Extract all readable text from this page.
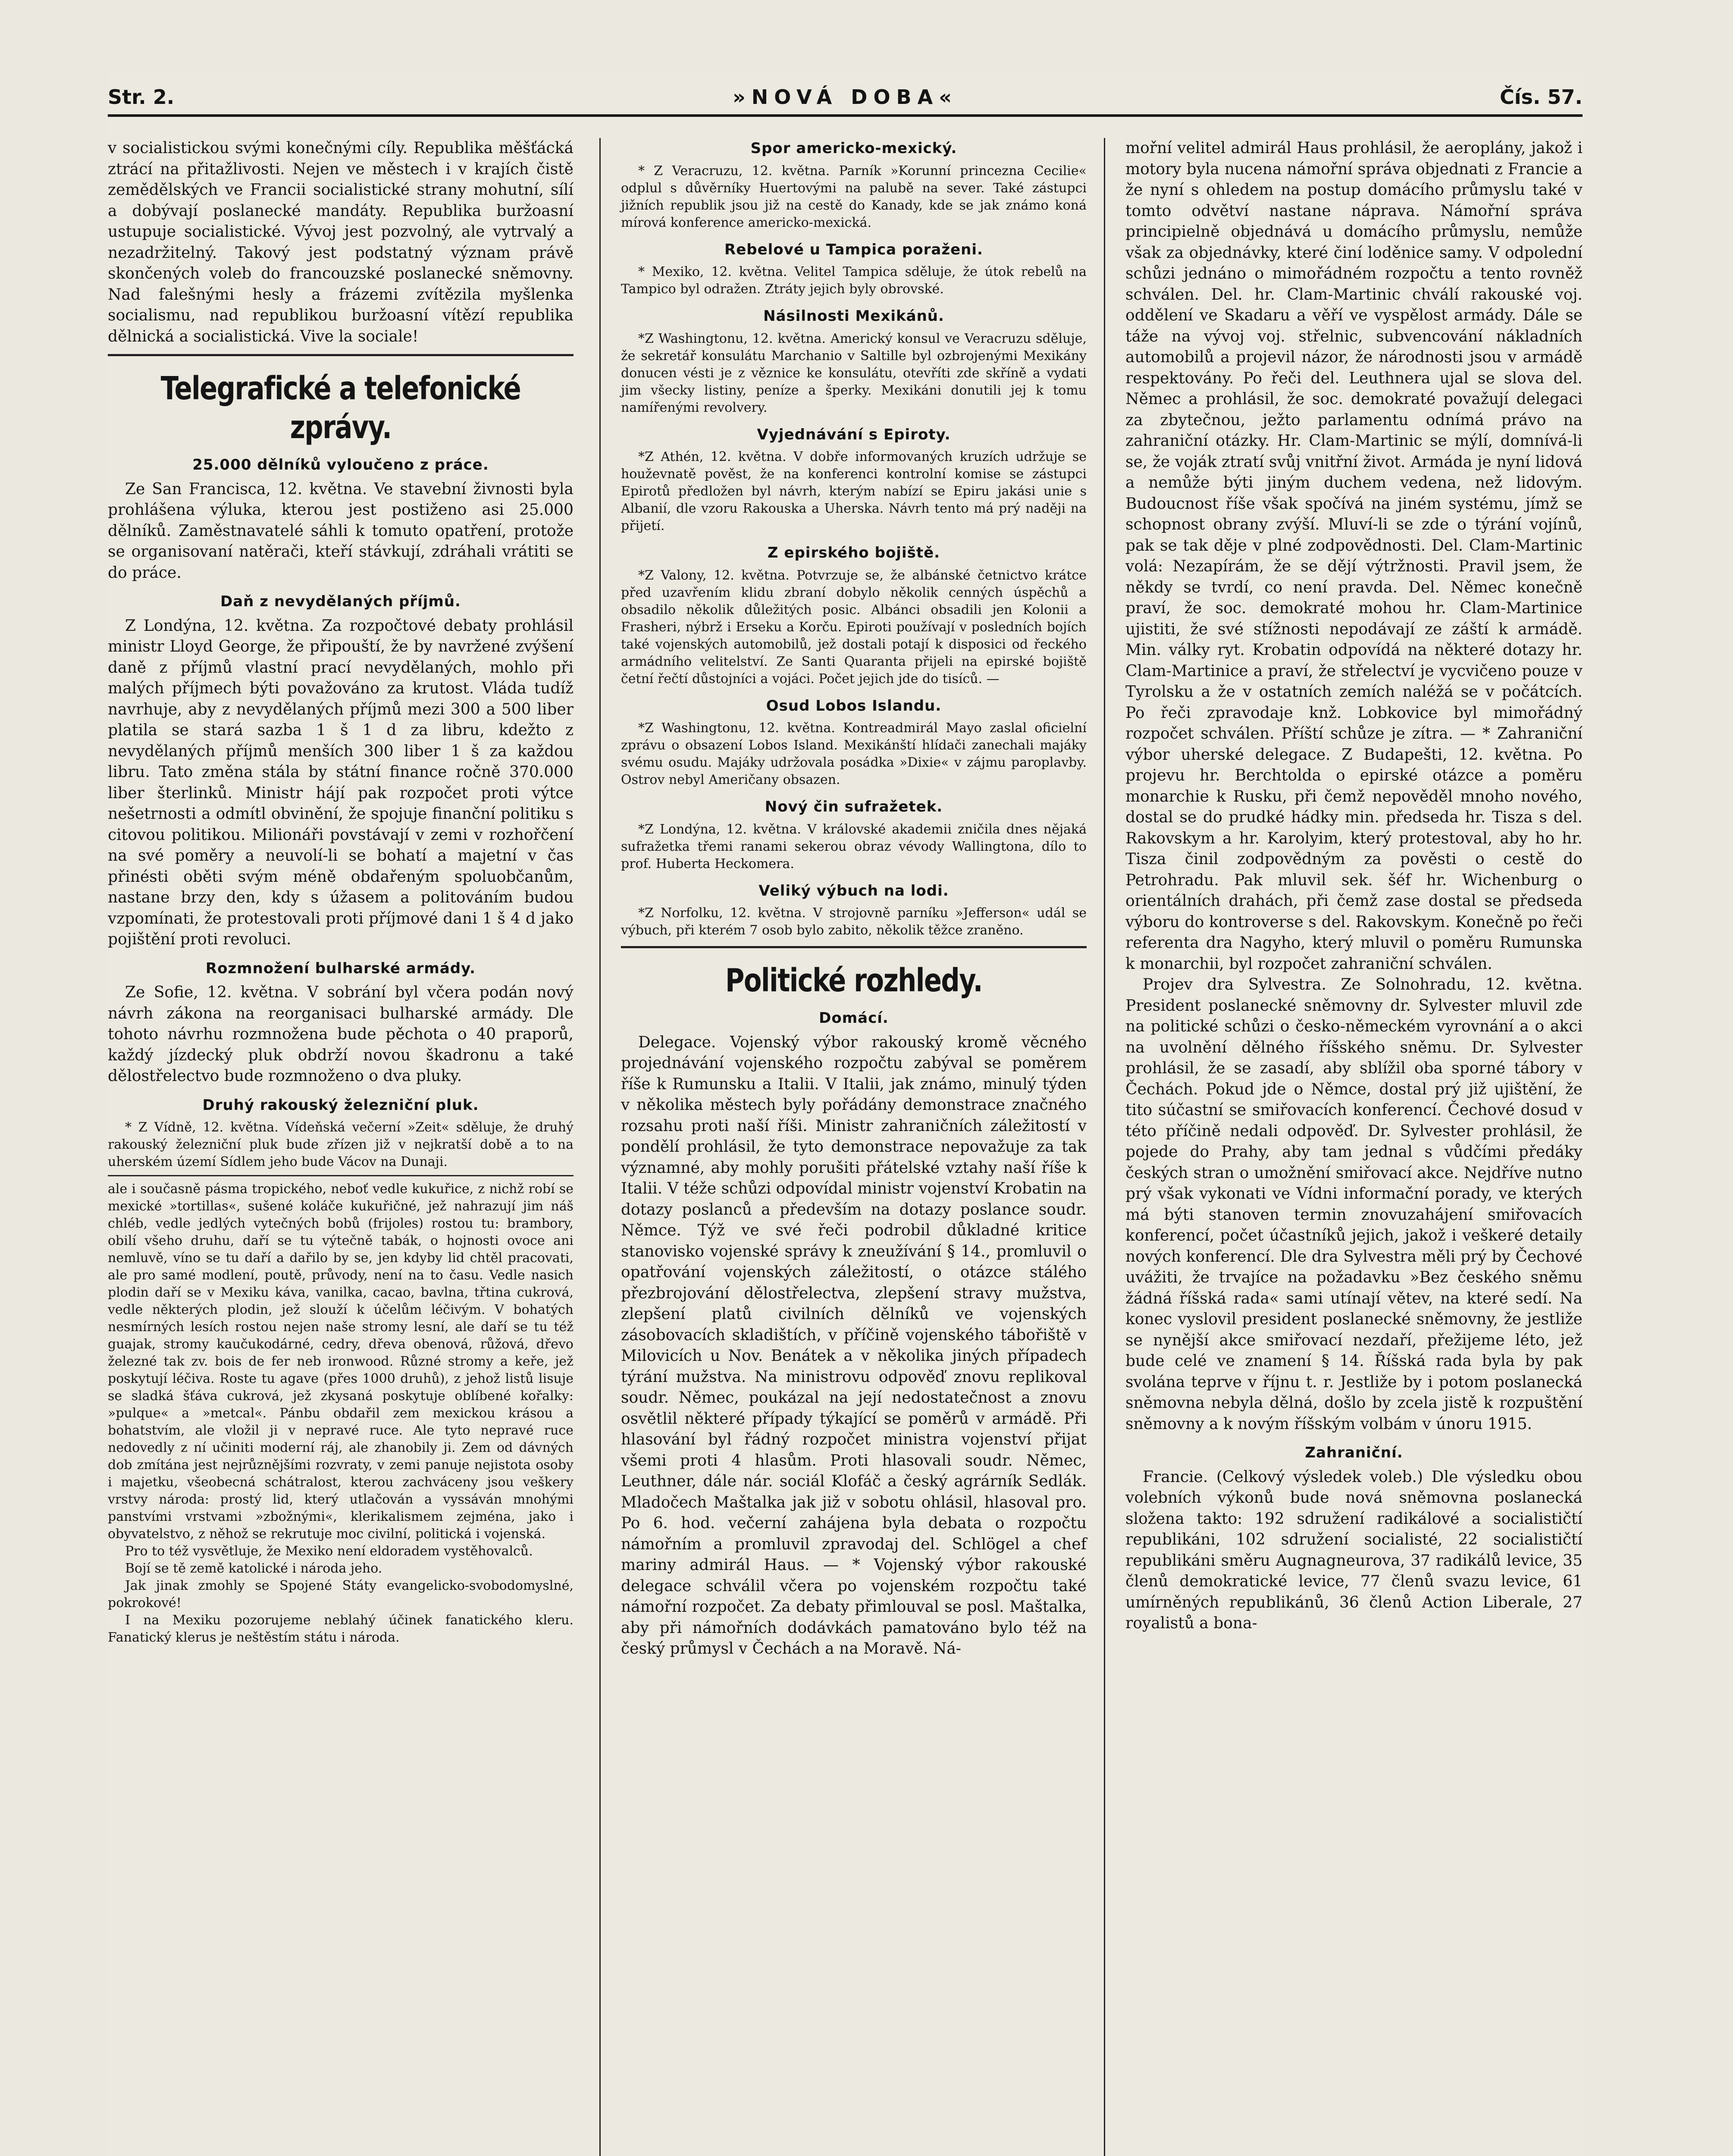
Str. 2.	»NOVÁ DOBA«	Čís. 57.

v socialistickou svými konečnými cíly. Republika měšťácká ztrácí na přitažlivosti. Nejen ve městech i v krajích čistě zemědělských ve Francii socialistické strany mohutní, sílí a dobývají poslanecké mandáty. Republika buržoasní ustupuje socialistické. Vývoj jest pozvolný, ale vytrvalý a nezadržitelný. Takový jest podstatný význam právě skončených voleb do francouzské poslanecké sněmovny. Nad falešnými hesly a frázemi zvítězila myšlenka socialismu, nad republikou buržoasní vítězí republika dělnická a socialistická. Vive la sociale!

Telegrafické a telefonické zprávy.
25.000 dělníků vyloučeno z práce.

Ze San Francisca, 12. května. Ve stavební živnosti byla prohlášena výluka, kterou jest postiženo asi 25.000 dělníků. Zaměstnavatelé sáhli k tomuto opatření, protože se organisovaní natěrači, kteří stávkují, zdráhali vrátiti se do práce.

Daň z nevydělaných příjmů.

Z Londýna, 12. května. Za rozpočtové debaty prohlásil ministr Lloyd George, že připouští, že by navržené zvýšení daně z příjmů vlastní prací nevydělaných, mohlo při malých příjmech býti považováno za krutost. Vláda tudíž navrhuje, aby z nevydělaných příjmů mezi 300 a 500 liber platila se stará sazba 1 š 1 d za libru, kdežto z nevydělaných příjmů menších 300 liber 1 š za každou libru. Tato změna stála by státní finance ročně 370.000 liber šterlinků. Ministr hájí pak rozpočet proti výtce nešetrnosti a odmítl obvinění, že spojuje finanční politiku s citovou politikou. Milionáři povstávají v zemi v rozhořčení na své poměry a neuvolí-li se bohatí a majetní v čas přinésti oběti svým méně obdařeným spoluobčanům, nastane brzy den, kdy s úžasem a politováním budou vzpomínati, že protestovali proti příjmové dani 1 š 4 d jako pojištění proti revoluci.

Rozmnožení bulharské armády.

Ze Sofie, 12. května. V sobrání byl včera podán nový návrh zákona na reorganisaci bulharské armády. Dle tohoto návrhu rozmnožena bude pěchota o 40 praporů, každý jízdecký pluk obdrží novou škadronu a také dělostřelectvo bude rozmnoženo o dva pluky.

Druhý rakouský železniční pluk.

* Z Vídně, 12. května. Vídeňská večerní »Zeit« sděluje, že druhý rakouský železniční pluk bude zřízen již v nejkratší době a to na uherském území Sídlem jeho bude Vácov na Dunaji.

ale i současně pásma tropického, neboť vedle kukuřice, z nichž robí se mexické »tortillas«, sušené koláče kukuřičné, jež nahrazují jim náš chléb, vedle jedlých vytečných bobů (frijoles) rostou tu: brambory, obilí všeho druhu, daří se tu výtečně tabák, o hojnosti ovoce ani nemluvě, víno se tu daří a dařilo by se, jen kdyby lid chtěl pracovati, ale pro samé modlení, poutě, průvody, není na to času. Vedle nasich plodin daří se v Mexiku káva, vanilka, cacao, bavlna, třtina cukrová, vedle některých plodin, jež slouží k účelům léčivým. V bohatých nesmírných lesích rostou nejen naše stromy lesní, ale daří se tu též guajak, stromy kaučukodárné, cedry, dřeva obenová, růžová, dřevo železné tak zv. bois de fer neb ironwood. Různé stromy a keře, jež poskytují léčiva. Roste tu agave (přes 1000 druhů), z jehož listů lisuje se sladká šťáva cukrová, jež zkysaná poskytuje oblíbené kořalky: »pulque« a »metcal«. Pánbu obdařil zem mexickou krásou a bohatstvím, ale vložil ji v nepravé ruce. Ale tyto nepravé ruce nedovedly z ní učiniti moderní ráj, ale zhanobily ji. Zem od dávných dob zmítána jest nejrůznějšími rozvraty, v zemi panuje nejistota osoby i majetku, všeobecná schátralost, kterou zachváceny jsou veškery vrstvy národa: prostý lid, který utlačován a vyssáván mnohými panstvími vrstvami »zbožnými«, klerikalismem zejména, jako i obyvatelstvo, z něhož se rekrutuje moc civilní, politická i vojenská.

Pro to též vysvětluje, že Mexiko není eldoradem vystěhovalců.

Bojí se tě země katolické i národa jeho.

Jak jinak zmohly se Spojené Státy evangelicko-svobodomyslné, pokrokové!

I na Mexiku pozorujeme neblahý účinek fanatického kleru. Fanatický klerus je neštěstím státu i národa.

Spor americko-mexický.

* Z Veracruzu, 12. května. Parník »Korunní princezna Cecilie« odplul s důvěrníky Huertovými na palubě na sever. Také zástupci jižních republik jsou již na cestě do Kanady, kde se jak známo koná mírová konference americko-mexická.

Rebelové u Tampica poraženi.

* Mexiko, 12. května. Velitel Tampica sděluje, že útok rebelů na Tampico byl odražen. Ztráty jejich byly obrovské.

Násilnosti Mexikánů.

*Z Washingtonu, 12. května. Americký konsul ve Veracruzu sděluje, že sekretář konsulátu Marchanio v Saltille byl ozbrojenými Mexikány donucen vésti je z věznice ke konsulátu, otevříti zde skříně a vydati jim všecky listiny, peníze a šperky. Mexikáni donutili jej k tomu namířenými revolvery.

Vyjednávání s Epiroty.

*Z Athén, 12. května. V dobře informovaných kruzích udržuje se houževnatě pověst, že na konferenci kontrolní komise se zástupci Epirotů předložen byl návrh, kterým nabízí se Epiru jakási unie s Albanií, dle vzoru Rakouska a Uherska. Návrh tento má prý naději na přijetí.

Z epirského bojiště.

*Z Valony, 12. května. Potvrzuje se, že albánské četnictvo krátce před uzavřením klidu zbraní dobylo několik cenných úspěchů a obsadilo několik důležitých posic. Albánci obsadili jen Kolonii a Frasheri, nýbrž i Erseku a Korču. Epiroti používají v posledních bojích také vojenských automobilů, jež dostali potají k disposici od řeckého armádního velitelství. Ze Santi Quaranta přijeli na epirské bojiště četní řečtí důstojníci a vojáci. Počet jejich jde do tisíců. —

Osud Lobos Islandu.

*Z Washingtonu, 12. května. Kontreadmirál Mayo zaslal oficielní zprávu o obsazení Lobos Island. Mexikánští hlídači zanechali majáky svému osudu. Majáky udržovala posádka »Dixie« v zájmu paroplavby. Ostrov nebyl Američany obsazen.

Nový čin sufražetek.

*Z Londýna, 12. května. V královské akademii zničila dnes nějaká sufražetka třemi ranami sekerou obraz vévody Wallingtona, dílo to prof. Huberta Heckomera.

Veliký výbuch na lodi.

*Z Norfolku, 12. května. V strojovně parníku »Jefferson« udál se výbuch, při kterém 7 osob bylo zabito, několik těžce zraněno.

Politické rozhledy.
Domácí.

Delegace. Vojenský výbor rakouský kromě věcného projednávání vojenského rozpočtu zabýval se poměrem říše k Rumunsku a Italii. V Italii, jak známo, minulý týden v několika městech byly pořádány demonstrace značného rozsahu proti naší říši. Ministr zahraničních záležitostí v pondělí prohlásil, že tyto demonstrace nepovažuje za tak významné, aby mohly porušiti přátelské vztahy naší říše k Italii. V téže schůzi odpovídal ministr vojenství Krobatin na dotazy poslanců a především na dotazy poslance soudr. Němce. Týž ve své řeči podrobil důkladné kritice stanovisko vojenské správy k zneužívání § 14., promluvil o opatřování vojenských záležitostí, o otázce stálého přezbrojování dělostřelectva, zlepšení stravy mužstva, zlepšení platů civilních dělníků ve vojenských zásobovacích skladištích, v příčině vojenského tábořiště v Milovicích u Nov. Benátek a v několika jiných případech týrání mužstva. Na ministrovu odpověď znovu replikoval soudr. Němec, poukázal na její nedostatečnost a znovu osvětlil některé případy týkající se poměrů v armádě. Při hlasování byl řádný rozpočet ministra vojenství přijat všemi proti 4 hlasům. Proti hlasovali soudr. Němec, Leuthner, dále nár. sociál Klofáč a český agrárník Sedlák. Mladočech Maštalka jak již v sobotu ohlásil, hlasoval pro. Po 6. hod. večerní zahájena byla debata o rozpočtu námořním a promluvil zpravodaj del. Schlögel a chef mariny admirál Haus. — * Vojenský výbor rakouské delegace schválil včera po vojenském rozpočtu také námořní rozpočet. Za debaty přimlouval se posl. Maštalka, aby při námořních dodávkách pamatováno bylo též na český průmysl v Čechách a na Moravě. Ná-

mořní velitel admirál Haus prohlásil, že aeroplány, jakož i motory byla nucena námořní správa objednati z Francie a že nyní s ohledem na postup domácího průmyslu také v tomto odvětví nastane náprava. Námořní správa principielně objednává u domácího průmyslu, nemůže však za objednávky, které činí loděnice samy. V odpolední schůzi jednáno o mimořádném rozpočtu a tento rovněž schválen. Del. hr. Clam-Martinic chválí rakouské voj. oddělení ve Skadaru a věří ve vyspělost armády. Dále se táže na vývoj voj. střelnic, subvencování nákladních automobilů a projevil názor, že národnosti jsou v armádě respektovány. Po řeči del. Leuthnera ujal se slova del. Němec a prohlásil, že soc. demokraté považují delegaci za zbytečnou, ježto parlamentu odnímá právo na zahraniční otázky. Hr. Clam-Martinic se mýlí, domnívá-li se, že voják ztratí svůj vnitřní život. Armáda je nyní lidová a nemůže býti jiným duchem vedena, než lidovým. Budoucnost říše však spočívá na jiném systému, jímž se schopnost obrany zvýší. Mluví-li se zde o týrání vojínů, pak se tak děje v plné zodpovědnosti. Del. Clam-Martinic volá: Nezapírám, že se dějí výtržnosti. Pravil jsem, že někdy se tvrdí, co není pravda. Del. Němec konečně praví, že soc. demokraté mohou hr. Clam-Martinice ujistiti, že své stížnosti nepodávají ze záští k armádě. Min. války ryt. Krobatin odpovídá na některé dotazy hr. Clam-Martinice a praví, že střelectví je vycvičeno pouze v Tyrolsku a že v ostatních zemích naléžá se v počátcích. Po řeči zpravodaje knž. Lobkovice byl mimořádný rozpočet schválen. Příští schůze je zítra. — * Zahraniční výbor uherské delegace. Z Budapešti, 12. května. Po projevu hr. Berchtolda o epirské otázce a poměru monarchie k Rusku, při čemž nepověděl mnoho nového, dostal se do prudké hádky min. předseda hr. Tisza s del. Rakovskym a hr. Karolyim, který protestoval, aby ho hr. Tisza činil zodpovědným za pověsti o cestě do Petrohradu. Pak mluvil sek. šéf hr. Wichenburg o orientálních drahách, při čemž zase dostal se předseda výboru do kontroverse s del. Rakovskym. Konečně po řeči referenta dra Nagyho, který mluvil o poměru Rumunska k monarchii, byl rozpočet zahraniční schválen.

Projev dra Sylvestra. Ze Solnohradu, 12. května. President poslanecké sněmovny dr. Sylvester mluvil zde na politické schůzi o česko-německém vyrovnání a o akci na uvolnění dělného říšského sněmu. Dr. Sylvester prohlásil, že se zasadí, aby sblížil oba sporné tábory v Čechách. Pokud jde o Němce, dostal prý již ujištění, že tito súčastní se smiřovacích konferencí. Čechové dosud v této příčině nedali odpověď. Dr. Sylvester prohlásil, že pojede do Prahy, aby tam jednal s vůdčími předáky českých stran o umožnění smiřovací akce. Nejdříve nutno prý však vykonati ve Vídni informační porady, ve kterých má býti stanoven termin znovuzahájení smiřovacích konferencí, počet účastníků jejich, jakož i veškeré detaily nových konferencí. Dle dra Sylvestra měli prý by Čechové uvážiti, že trvajíce na požadavku »Bez českého sněmu žádná říšská rada« sami utínají větev, na které sedí. Na konec vyslovil president poslanecké sněmovny, že jestliže se nynější akce smiřovací nezdaří, přežijeme léto, jež bude celé ve znamení § 14. Říšská rada byla by pak svolána teprve v říjnu t. r. Jestliže by i potom poslanecká sněmovna nebyla dělná, došlo by zcela jistě k rozpuštění sněmovny a k novým říšským volbám v únoru 1915.

Zahraniční.

Francie. (Celkový výsledek voleb.) Dle výsledku obou volebních výkonů bude nová sněmovna poslanecká složena takto: 192 sdružení radikálové a socialističtí republikáni, 102 sdružení socialisté, 22 socialističtí republikáni směru Augnagneurova, 37 radikálů levice, 35 členů demokratické levice, 77 členů svazu levice, 61 umírněných republikánů, 36 členů Action Liberale, 27 royalistů a bona-
